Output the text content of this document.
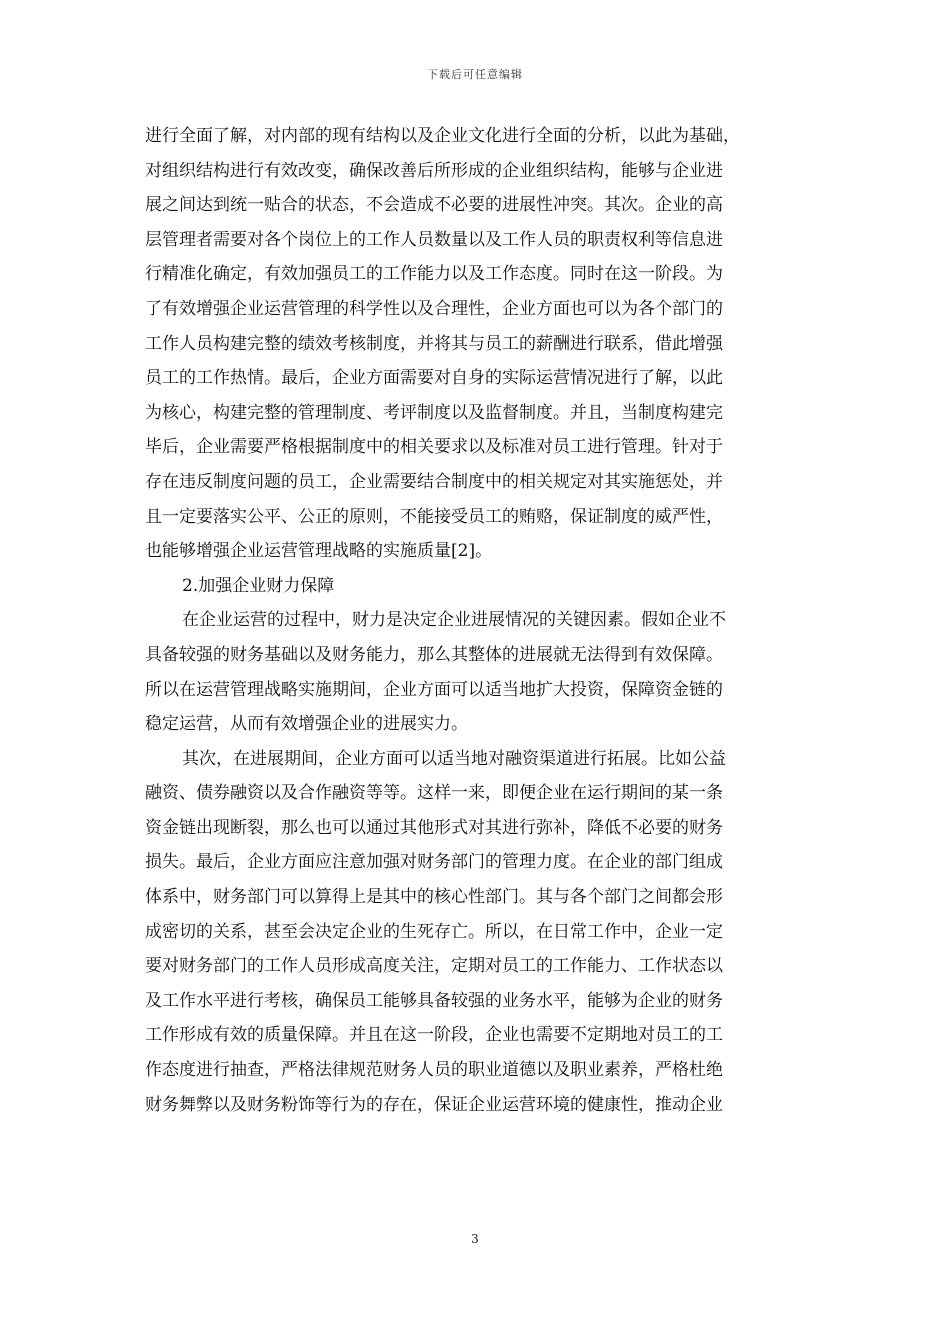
下载后可任意编辑
进行全面了解，对内部的现有结构以及企业文化进行全面的分析，以此为基础，
对组织结构进行有效改变，确保改善后所形成的企业组织结构，能够与企业进
展之间达到统一贴合的状态，不会造成不必要的进展性冲突。其次。企业的高
层管理者需要对各个岗位上的工作人员数量以及工作人员的职责权利等信息进
行精准化确定，有效加强员工的工作能力以及工作态度。同时在这一阶段。为
了有效增强企业运营管理的科学性以及合理性，企业方面也可以为各个部门的
工作人员构建完整的绩效考核制度，并将其与员工的薪酬进行联系，借此增强
员工的工作热情。最后，企业方面需要对自身的实际运营情况进行了解，以此
为核心，构建完整的管理制度、考评制度以及监督制度。并且，当制度构建完
毕后，企业需要严格根据制度中的相关要求以及标准对员工进行管理。针对于
存在违反制度问题的员工，企业需要结合制度中的相关规定对其实施惩处，并
且一定要落实公平、公正的原则，不能接受员工的贿赂，保证制度的威严性，
也能够增强企业运营管理战略的实施质量[2]。
2.加强企业财力保障
在企业运营的过程中，财力是决定企业进展情况的关键因素。假如企业不
具备较强的财务基础以及财务能力，那么其整体的进展就无法得到有效保障。
所以在运营管理战略实施期间，企业方面可以适当地扩大投资，保障资金链的
稳定运营，从而有效增强企业的进展实力。
其次，在进展期间，企业方面可以适当地对融资渠道进行拓展。比如公益
融资、债券融资以及合作融资等等。这样一来，即便企业在运行期间的某一条
资金链出现断裂，那么也可以通过其他形式对其进行弥补，降低不必要的财务
损失。最后，企业方面应注意加强对财务部门的管理力度。在企业的部门组成
体系中，财务部门可以算得上是其中的核心性部门。其与各个部门之间都会形
成密切的关系，甚至会决定企业的生死存亡。所以，在日常工作中，企业一定
要对财务部门的工作人员形成高度关注，定期对员工的工作能力、工作状态以
及工作水平进行考核，确保员工能够具备较强的业务水平，能够为企业的财务
工作形成有效的质量保障。并且在这一阶段，企业也需要不定期地对员工的工
作态度进行抽查，严格法律规范财务人员的职业道德以及职业素养，严格杜绝
财务舞弊以及财务粉饰等行为的存在，保证企业运营环境的健康性，推动企业
3
